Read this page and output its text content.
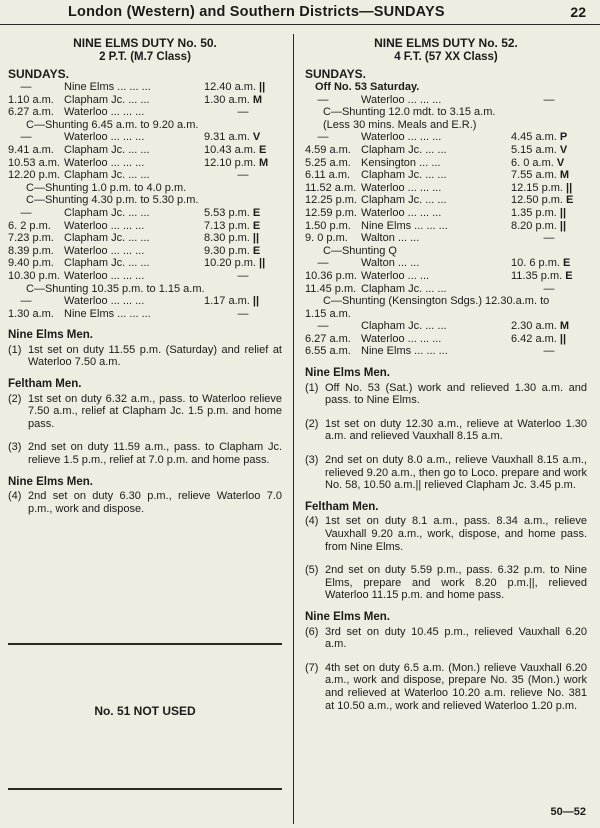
London (Western) and Southern Districts—SUNDAYS	22
NINE ELMS DUTY No. 50.
2 P.T. (M.7 Class)
SUNDAYS.
—	Nine Elms ... ... ...	12.40 a.m. ||
1.10 a.m. Clapham Jc. ... ...	1.30 a.m. M
6.27 a.m. Waterloo ... ... ...	—
C—Shunting 6.45 a.m. to 9.20 a.m.
—	Waterloo ... ... ...	9.31 a.m. V
9.41 a.m. Clapham Jc. ... ...	10.43 a.m. E
10.53 a.m. Waterloo ... ... ...	12.10 p.m. M
12.20 p.m. Clapham Jc. ... ...	—
C—Shunting 1.0 p.m. to 4.0 p.m.
C—Shunting 4.30 p.m. to 5.30 p.m.
—	Clapham Jc. ... ...	5.53 p.m. E
6. 2 p.m.	Waterloo ... ... ...	7.13 p.m. E
7.23 p.m. Clapham Jc. ... ...	8.30 p.m. ||
8.39 p.m. Waterloo ... ... ...	9.30 p.m. E
9.40 p.m. Clapham Jc. ... ...	10.20 p.m. ||
10.30 p.m. Waterloo ... ... ...	—
C—Shunting 10.35 p.m. to 1.15 a.m.
—	Waterloo ... ... ...	1.17 a.m. ||
1.30 a.m. Nine Elms ... ... ...	—
Nine Elms Men.
(1) 1st set on duty 11.55 p.m. (Saturday) and relief at Waterloo 7.50 a.m.
Feltham Men.
(2) 1st set on duty 6.32 a.m., pass. to Waterloo relieve 7.50 a.m., relief at Clapham Jc. 1.5 p.m. and home pass.
(3) 2nd set on duty 11.59 a.m., pass. to Clapham Jc. relieve 1.5 p.m., relief at 7.0 p.m. and home pass.
Nine Elms Men.
(4) 2nd set on duty 6.30 p.m., relieve Waterloo 7.0 p.m., work and dispose.
No. 51 NOT USED
NINE ELMS DUTY No. 52.
4 F.T. (57 XX Class)
SUNDAYS.
Off No. 53 Saturday.
—	Waterloo ... ... ...	—
C—Shunting 12.0 mdt. to 3.15 a.m.
(Less 30 mins. Meals and E.R.)
—	Waterloo ... ... ...	4.45 a.m. P
4.59 a.m. Clapham Jc. ... ...	5.15 a.m. V
5.25 a.m. Kensington ... ...	6. 0 a.m. V
6.11 a.m. Clapham Jc. ... ...	7.55 a.m. M
11.52 a.m. Waterloo ... ... ...	12.15 p.m. ||
12.25 p.m. Clapham Jc. ... ...	12.50 p.m. E
12.59 p.m. Waterloo ... ... ...	1.35 p.m. ||
1.50 p.m. Nine Elms ... ... ...	8.20 p.m. ||
9. 0 p.m.	Walton ... ...	—
C—Shunting Q
—	Walton ... ...	10. 6 p.m. E
10.36 p.m. Waterloo ... ...	11.35 p.m. E
11.45 p.m. Clapham Jc. ... ...	—
C—Shunting (Kensington Sdgs.) 12.30.a.m. to
1.15 a.m.
—	Clapham Jc. ... ...	2.30 a.m. M
6.27 a.m. Waterloo ... ... ...	6.42 a.m. ||
6.55 a.m. Nine Elms ... ... ...	—
Nine Elms Men.
(1) Off No. 53 (Sat.) work and relieved 1.30 a.m. and pass. to Nine Elms.
(2) 1st set on duty 12.30 a.m., relieve at Waterloo 1.30 a.m. and relieved Vauxhall 8.15 a.m.
(3) 2nd set on duty 8.0 a.m., relieve Vauxhall 8.15 a.m., relieved 9.20 a.m., then go to Loco. prepare and work No. 58, 10.50 a.m.|| relieved Clapham Jc. 3.45 p.m.
Feltham Men.
(4) 1st set on duty 8.1 a.m., pass. 8.34 a.m., relieve Vauxhall 9.20 a.m., work, dispose, and home pass. from Nine Elms.
(5) 2nd set on duty 5.59 p.m., pass. 6.32 p.m. to Nine Elms, prepare and work 8.20 p.m.||, relieved Waterloo 11.15 p.m. and home pass.
Nine Elms Men.
(6) 3rd set on duty 10.45 p.m., relieved Vauxhall 6.20 a.m.
(7) 4th set on duty 6.5 a.m. (Mon.) relieve Vauxhall 6.20 a.m., work and dispose, prepare No. 35 (Mon.) work and relieved at Waterloo 10.20 a.m. relieve No. 381 at 10.50 a.m., work and relieved Waterloo 1.20 p.m.
50—52
